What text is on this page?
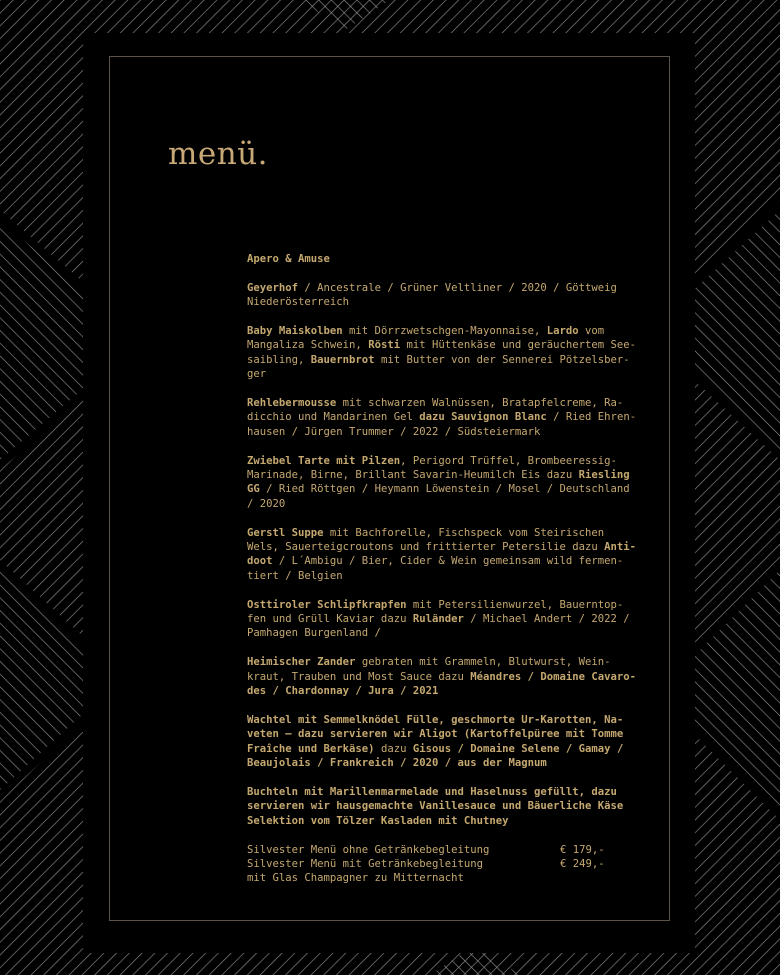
menü.
Apero & Amuse
Geyerhof / Ancestrale / Grüner Veltliner / 2020 / Göttweig
Niederösterreich
Baby Maiskolben mit Dörrzwetschgen-Mayonnaise, Lardo vom
Mangaliza Schwein, Rösti mit Hüttenkäse und geräuchertem See-
saibling, Bauernbrot mit Butter von der Sennerei Pötzelsber-
ger
Rehlebermousse mit schwarzen Walnüssen, Bratapfelcreme, Ra-
dicchio und Mandarinen Gel dazu Sauvignon Blanc / Ried Ehren-
hausen / Jürgen Trummer / 2022 / Südsteiermark
Zwiebel Tarte mit Pilzen, Perigord Trüffel, Brombeeressig-
Marinade, Birne, Brillant Savarin-Heumilch Eis dazu Riesling
GG / Ried Röttgen / Heymann Löwenstein / Mosel / Deutschland
/ 2020
Gerstl Suppe mit Bachforelle, Fischspeck vom Steirischen
Wels, Sauerteigcroutons und frittierter Petersilie dazu Anti-
doot / L´Ambigu / Bier, Cider & Wein gemeinsam wild fermen-
tiert / Belgien
Osttiroler Schlipfkrapfen mit Petersilienwurzel, Bauerntop-
fen und Grüll Kaviar dazu Ruländer / Michael Andert / 2022 /
Pamhagen Burgenland /
Heimischer Zander gebraten mit Grammeln, Blutwurst, Wein-
kraut, Trauben und Most Sauce dazu Méandres / Domaine Cavaro-
des / Chardonnay / Jura / 2021
Wachtel mit Semmelknödel Fülle, geschmorte Ur-Karotten, Na-
veten – dazu servieren wir Aligot (Kartoffelpüree mit Tomme
Fraîche und Berkäse) dazu Gisous / Domaine Selene / Gamay /
Beaujolais / Frankreich / 2020 / aus der Magnum
Buchteln mit Marillenmarmelade und Haselnuss gefüllt, dazu
servieren wir hausgemachte Vanillesauce und Bäuerliche Käse
Selektion vom Tölzer Kasladen mit Chutney
Silvester Menü ohne Getränkebegleitung	€ 179,-
Silvester Menü mit Getränkebegleitung	€ 249,-
mit Glas Champagner zu Mitternacht
